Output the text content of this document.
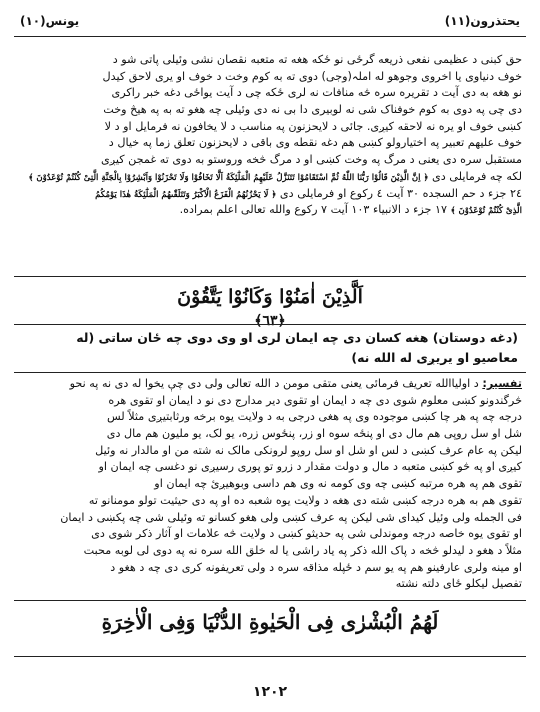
يحتذرون(١١)
يونس(١٠)
حق کبنی د عظیمی نفعی ذریعه گرځی نو ځکه هغه ته متعبه نقصان نشی وئیلی پاتی شو د
خوف دنیاوی یا اخروی وجوهو له املہ(وجی) دوی ته به کوم وخت د خوف او یری لاحق کیدل
نو هغه به دی آیت د تقریره سره څه منافات نه لری ځکه چی د آیت یواځی دغه خبر راکری
دی چی په دوی به کوم خوفناک شی نه لوبیری دا بی نه دی وئیلی چه هغو ته به په هیڅ وخت
کښی خوف او یره نه لاحقه کیږی. جائی د لایحزنون په مناسب د لا یخافون نه فرمایل او د لا
خوف علیهم تعبیر په اختیارولو کښی هم دغه نقطه وی باقی د لایحزنون تعلق زما په خیال د
مستقبل سره دی یعنی د مرگ په وخت کښی او د مرگ څخه وروستو به دوی ته غمجن کیږی
لکه چه فرمایلی دی ﴿ اِنَّ الَّذِیْنَ قَالُوْا رَبُّنَا اللّٰهُ ثُمَّ اسْتَقَامُوْا تَتَنَزَّلُ عَلَیْهِمُ الْمَلٰٓئِكَةُ اَلَّا تَخَافُوْا وَلَا تَحْزَنُوْا وَاَبْشِرُوْا بِالْجَنَّةِ الَّتِیْ كُنْتُمْ تُوْعَدُوْنَ ﴾
٢٤ جزء د حم السجده ٣٠ آیت ٤ رکوع او فرمایلی دی ﴿ لَا یَحْزُنُهُمُ الْفَزَعُ الْاَكْبَرُ وَتَتَلَقّٰىهُمُ الْمَلٰٓئِكَةُ هٰذَا یَوْمُكُمُ
الَّذِیْ كُنْتُمْ تُوْعَدُوْنَ ﴾ ١٧ جزء د الانبیاء ١٠٣ آیت ٧ رکوع والله تعالی اعلم بمراده.
اَلَّذِیْنَ اٰمَنُوْا وَكَانُوْا یَتَّقُوْنَ ﴿٦٣﴾
(دغه دوستان) هغه کسان دی چه ایمان لری او وی دوی چه ځان ساتی (له
معاصیو او یریږی له الله نه)
تفسیر: د اولیاالله تعریف فرمائی یعنی متقی مومن د الله تعالی ولی دی چې یخوا له دی نه په نحو
څرگندونو کښی معلوم شوی دی چه د ایمان او تقوی دیر مدارج دی نو د ایمان او تقوی هره
درجه چه په هر چا کښی موجوده وی په هغی درجی به د ولایت یوه برخه ورثابتیږی مثلاً لس
شل او سل روپی هم مال دی او پنځه سوه او زر، پنځوس زره، یو لک، یو مليون هم مال دی
لیکن په عام عرف کښی د لس او شل او سل روپو لرونکی مالک نه شته من او مالدار نه وئیل
کیږی او په څو کښی متعبه د مال و دولت مقدار د زرو تو پوری رسیږی نو دغسی چه ایمان او
تقوی هم په هره مرتبه کښی چه وی کومه نه وی هم داسی وبوهیږئ چه ایمان او
تقوی هم به هره درجه کښی شته دی هغه د ولایت یوه شعبه ده او په دی حیثیت تولو مومنانو ته
فی الجمله ولی وئیل کیدای شی لیکن په عرف کښی ولی هغو کسانو ته وئیلی شی چه پکښی د ایمان
او تقوی یوه خاصه درجه وموندلی شی په حدیثو کښی د ولایت څه علامات او آثار ذکر شوی دی
مثلاً د هغو د لیدلو څخه د پاک الله ذکر په یاد راشی یا له خلق الله سره نه په دوی لی لوبه محبت
او مینه ولری عارفینو هم په یو سم د ځپله مذاقه سره د ولی تعریفونه کری دی چه د هغو د
تفصیل لیکلو ځای دلته نشته
لَهُمُ الْبُشْرٰى فِی الْحَیٰوةِ الدُّنْیَا وَفِی الْاٰخِرَةِ
١٢٠٢
